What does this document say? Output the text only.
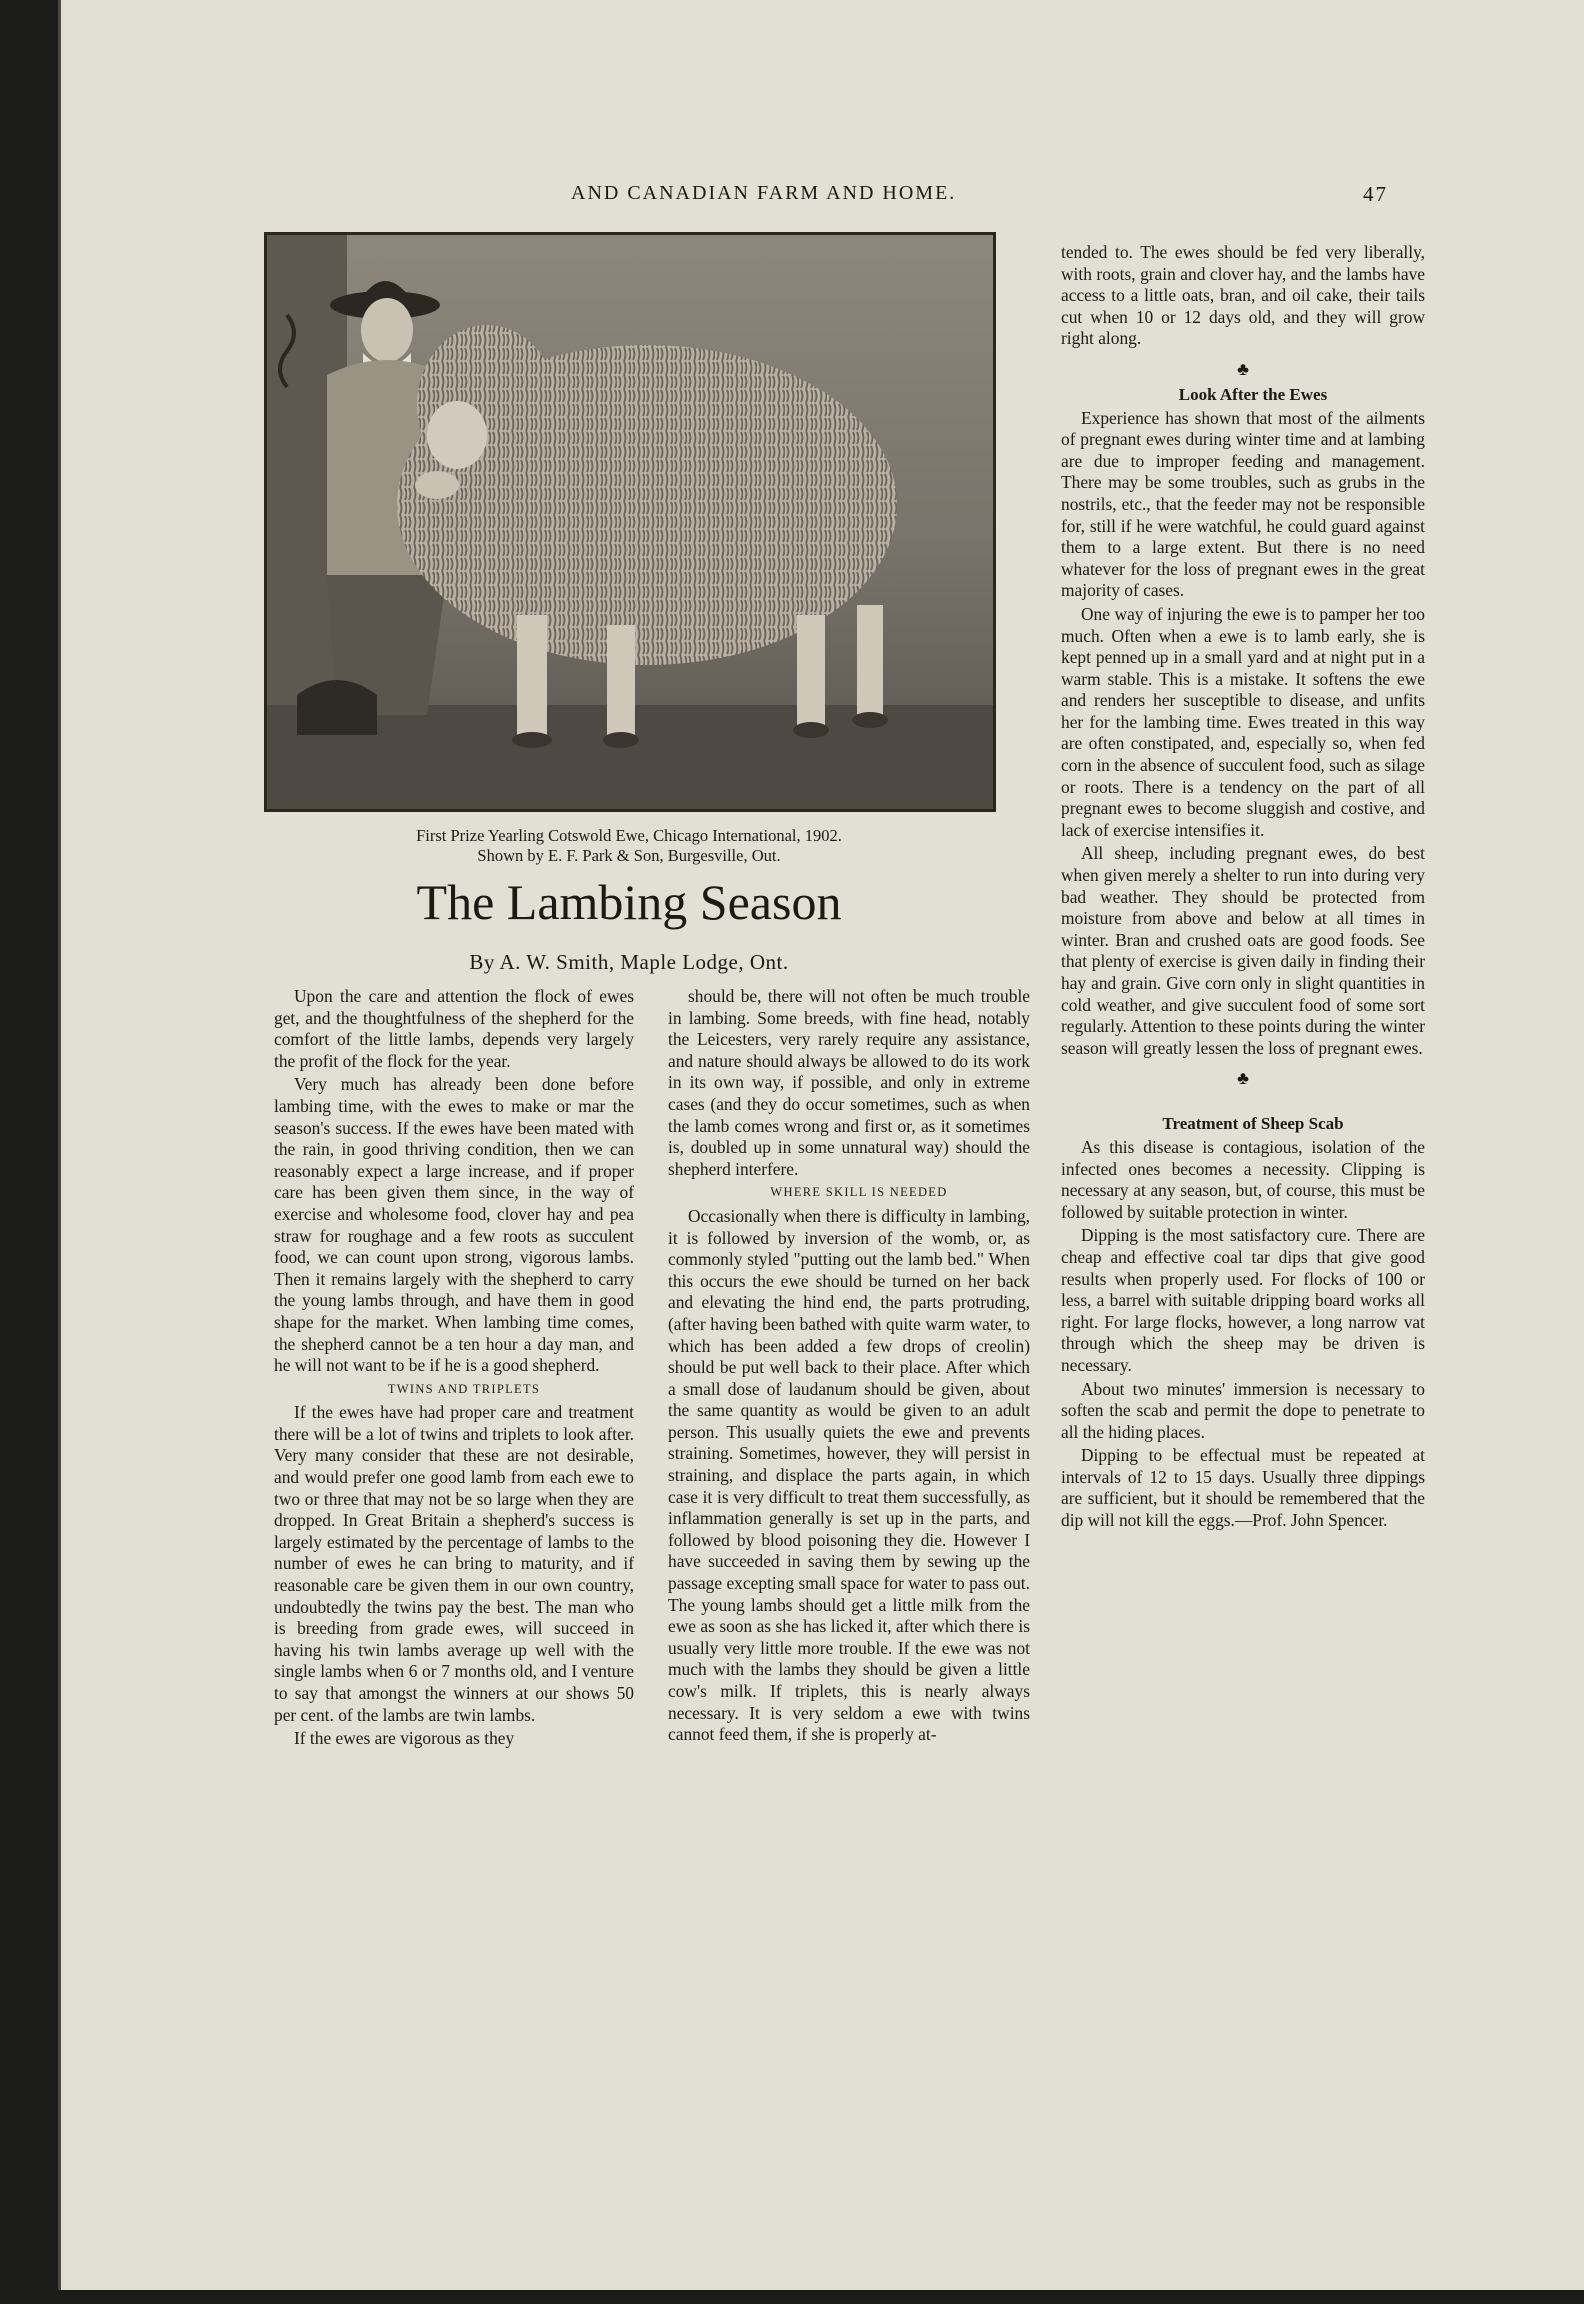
AND CANADIAN FARM AND HOME.	47
First Prize Yearling Cotswold Ewe, Chicago International, 1902.
Shown by E. F. Park & Son, Burgesville, Out.
The Lambing Season
By A. W. Smith, Maple Lodge, Ont.

Upon the care and attention the flock of ewes get, and the thoughtfulness of the shepherd for the comfort of the little lambs, depends very largely the profit of the flock for the year.

Very much has already been done before lambing time, with the ewes to make or mar the season's success. If the ewes have been mated with the rain, in good thriving condition, then we can reasonably expect a large increase, and if proper care has been given them since, in the way of exercise and wholesome food, clover hay and pea straw for roughage and a few roots as succulent food, we can count upon strong, vigorous lambs. Then it remains largely with the shepherd to carry the young lambs through, and have them in good shape for the market. When lambing time comes, the shepherd cannot be a ten hour a day man, and he will not want to be if he is a good shepherd.

TWINS AND TRIPLETS

If the ewes have had proper care and treatment there will be a lot of twins and triplets to look after. Very many consider that these are not desirable, and would prefer one good lamb from each ewe to two or three that may not be so large when they are dropped. In Great Britain a shepherd's success is largely estimated by the percentage of lambs to the number of ewes he can bring to maturity, and if reasonable care be given them in our own country, undoubtedly the twins pay the best. The man who is breeding from grade ewes, will succeed in having his twin lambs average up well with the single lambs when 6 or 7 months old, and I venture to say that amongst the winners at our shows 50 per cent. of the lambs are twin lambs.

If the ewes are vigorous as they

should be, there will not often be much trouble in lambing. Some breeds, with fine head, notably the Leicesters, very rarely require any assistance, and nature should always be allowed to do its work in its own way, if possible, and only in extreme cases (and they do occur sometimes, such as when the lamb comes wrong and first or, as it sometimes is, doubled up in some unnatural way) should the shepherd interfere.

WHERE SKILL IS NEEDED

Occasionally when there is difficulty in lambing, it is followed by inversion of the womb, or, as commonly styled "putting out the lamb bed." When this occurs the ewe should be turned on her back and elevating the hind end, the parts protruding, (after having been bathed with quite warm water, to which has been added a few drops of creolin) should be put well back to their place. After which a small dose of laudanum should be given, about the same quantity as would be given to an adult person. This usually quiets the ewe and prevents straining. Sometimes, however, they will persist in straining, and displace the parts again, in which case it is very difficult to treat them successfully, as inflammation generally is set up in the parts, and followed by blood poisoning they die. However I have succeeded in saving them by sewing up the passage excepting small space for water to pass out. The young lambs should get a little milk from the ewe as soon as she has licked it, after which there is usually very little more trouble. If the ewe was not much with the lambs they should be given a little cow's milk. If triplets, this is nearly always necessary. It is very seldom a ewe with twins cannot feed them, if she is properly at-

tended to. The ewes should be fed very liberally, with roots, grain and clover hay, and the lambs have access to a little oats, bran, and oil cake, their tails cut when 10 or 12 days old, and they will grow right along.

♣

Look After the Ewes

Experience has shown that most of the ailments of pregnant ewes during winter time and at lambing are due to improper feeding and management. There may be some troubles, such as grubs in the nostrils, etc., that the feeder may not be responsible for, still if he were watchful, he could guard against them to a large extent. But there is no need whatever for the loss of pregnant ewes in the great majority of cases.

One way of injuring the ewe is to pamper her too much. Often when a ewe is to lamb early, she is kept penned up in a small yard and at night put in a warm stable. This is a mistake. It softens the ewe and renders her susceptible to disease, and unfits her for the lambing time. Ewes treated in this way are often constipated, and, especially so, when fed corn in the absence of succulent food, such as silage or roots. There is a tendency on the part of all pregnant ewes to become sluggish and costive, and lack of exercise intensifies it.

All sheep, including pregnant ewes, do best when given merely a shelter to run into during very bad weather. They should be protected from moisture from above and below at all times in winter. Bran and crushed oats are good foods. See that plenty of exercise is given daily in finding their hay and grain. Give corn only in slight quantities in cold weather, and give succulent food of some sort regularly. Attention to these points during the winter season will greatly lessen the loss of pregnant ewes.

♣

Treatment of Sheep Scab

As this disease is contagious, isolation of the infected ones becomes a necessity. Clipping is necessary at any season, but, of course, this must be followed by suitable protection in winter.

Dipping is the most satisfactory cure. There are cheap and effective coal tar dips that give good results when properly used. For flocks of 100 or less, a barrel with suitable dripping board works all right. For large flocks, however, a long narrow vat through which the sheep may be driven is necessary.

About two minutes' immersion is necessary to soften the scab and permit the dope to penetrate to all the hiding places.

Dipping to be effectual must be repeated at intervals of 12 to 15 days. Usually three dippings are sufficient, but it should be remembered that the dip will not kill the eggs.—Prof. John Spencer.
